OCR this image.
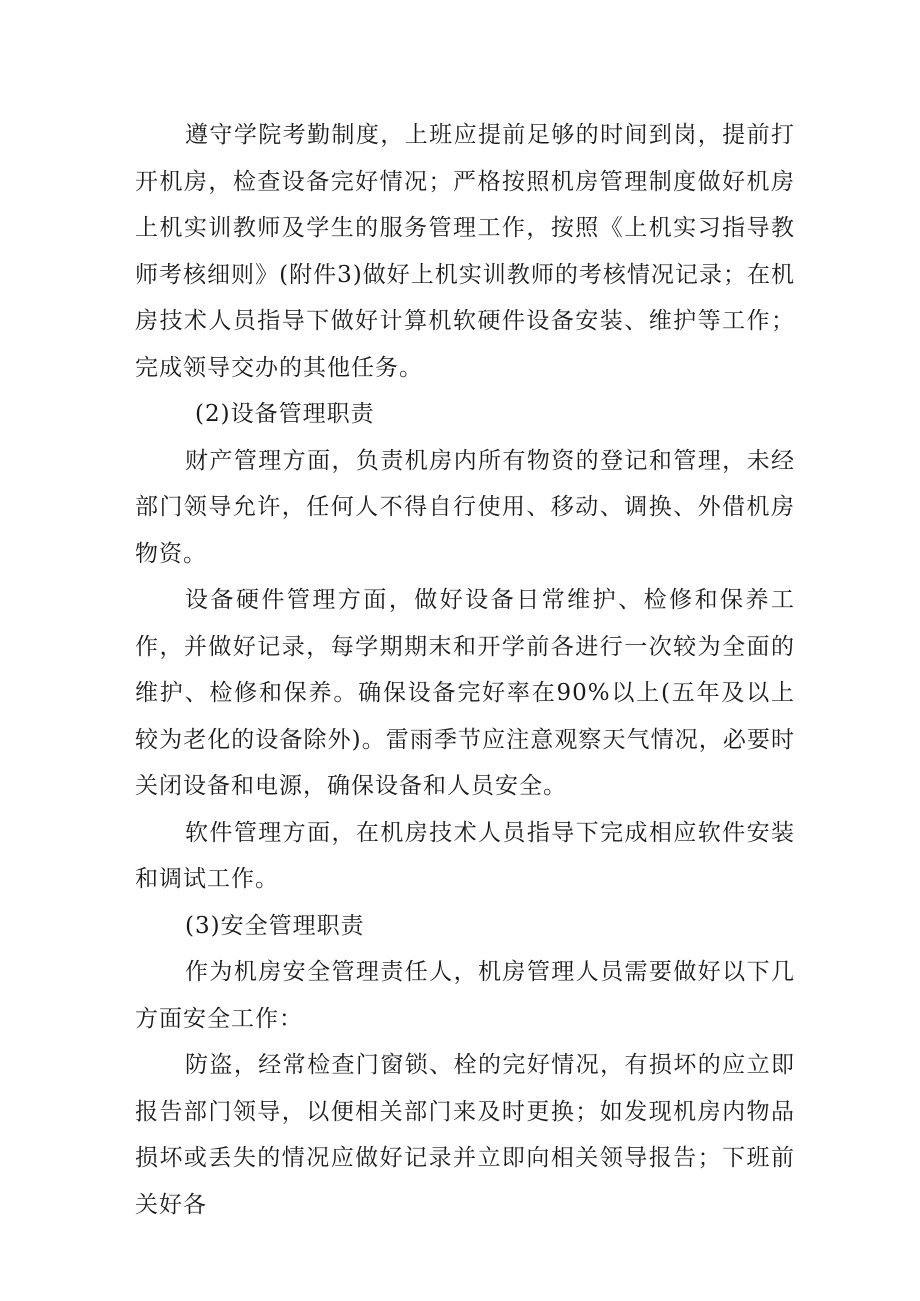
遵守学院考勤制度，上班应提前足够的时间到岗，提前打开机房，检查设备完好情况；严格按照机房管理制度做好机房上机实训教师及学生的服务管理工作，按照《上机实习指导教师考核细则》(附件3)做好上机实训教师的考核情况记录；在机房技术人员指导下做好计算机软硬件设备安装、维护等工作；完成领导交办的其他任务。

(2)设备管理职责

财产管理方面，负责机房内所有物资的登记和管理，未经部门领导允许，任何人不得自行使用、移动、调换、外借机房物资。

设备硬件管理方面，做好设备日常维护、检修和保养工作，并做好记录，每学期期末和开学前各进行一次较为全面的维护、检修和保养。确保设备完好率在90%以上(五年及以上较为老化的设备除外)。雷雨季节应注意观察天气情况，必要时关闭设备和电源，确保设备和人员安全。

软件管理方面，在机房技术人员指导下完成相应软件安装和调试工作。

(3)安全管理职责

作为机房安全管理责任人，机房管理人员需要做好以下几方面安全工作：

防盗，经常检查门窗锁、栓的完好情况，有损坏的应立即报告部门领导，以便相关部门来及时更换；如发现机房内物品损坏或丢失的情况应做好记录并立即向相关领导报告；下班前关好各
